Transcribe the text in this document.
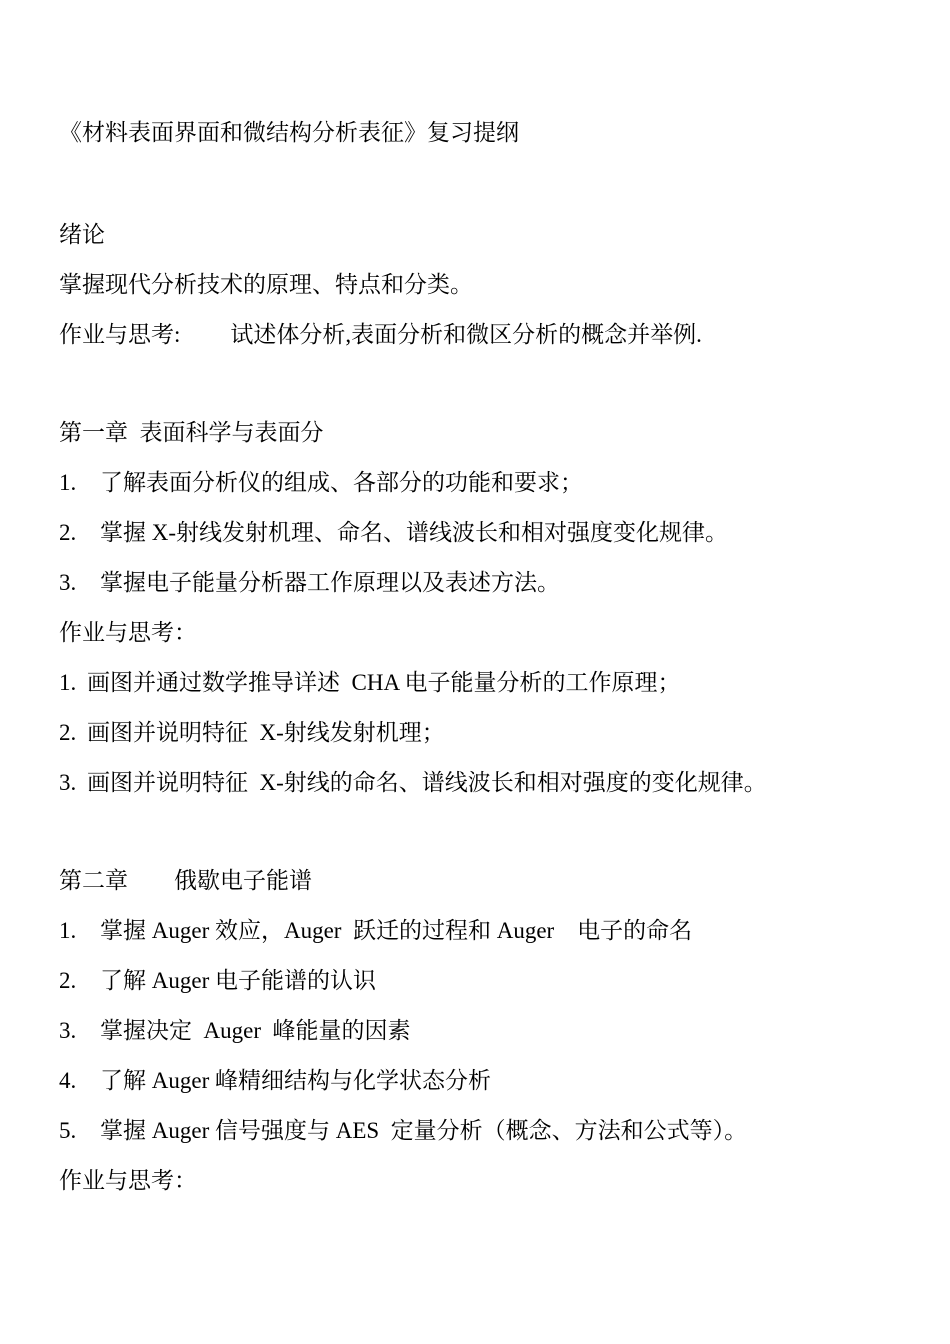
《材料表面界面和微结构分析表征》复习提纲
绪论
掌握现代分析技术的原理、特点和分类。
作业与思考: 试述体分析,表面分析和微区分析的概念并举例.
第一章  表面科学与表面分
1. 了解表面分析仪的组成、各部分的功能和要求；
2. 掌握 X-射线发射机理、命名、谱线波长和相对强度变化规律。
3. 掌握电子能量分析器工作原理以及表述方法。
作业与思考：
1. 画图并通过数学推导详述  CHA 电子能量分析的工作原理；
2. 画图并说明特征  X-射线发射机理；
3. 画图并说明特征  X-射线的命名、谱线波长和相对强度的变化规律。
第二章        俄歇电子能谱
1. 掌握 Auger 效应，Auger  跃迁的过程和 Auger    电子的命名
2. 了解 Auger 电子能谱的认识
3. 掌握决定  Auger  峰能量的因素
4. 了解 Auger 峰精细结构与化学状态分析
5. 掌握 Auger 信号强度与 AES  定量分析（概念、方法和公式等）。
作业与思考：
